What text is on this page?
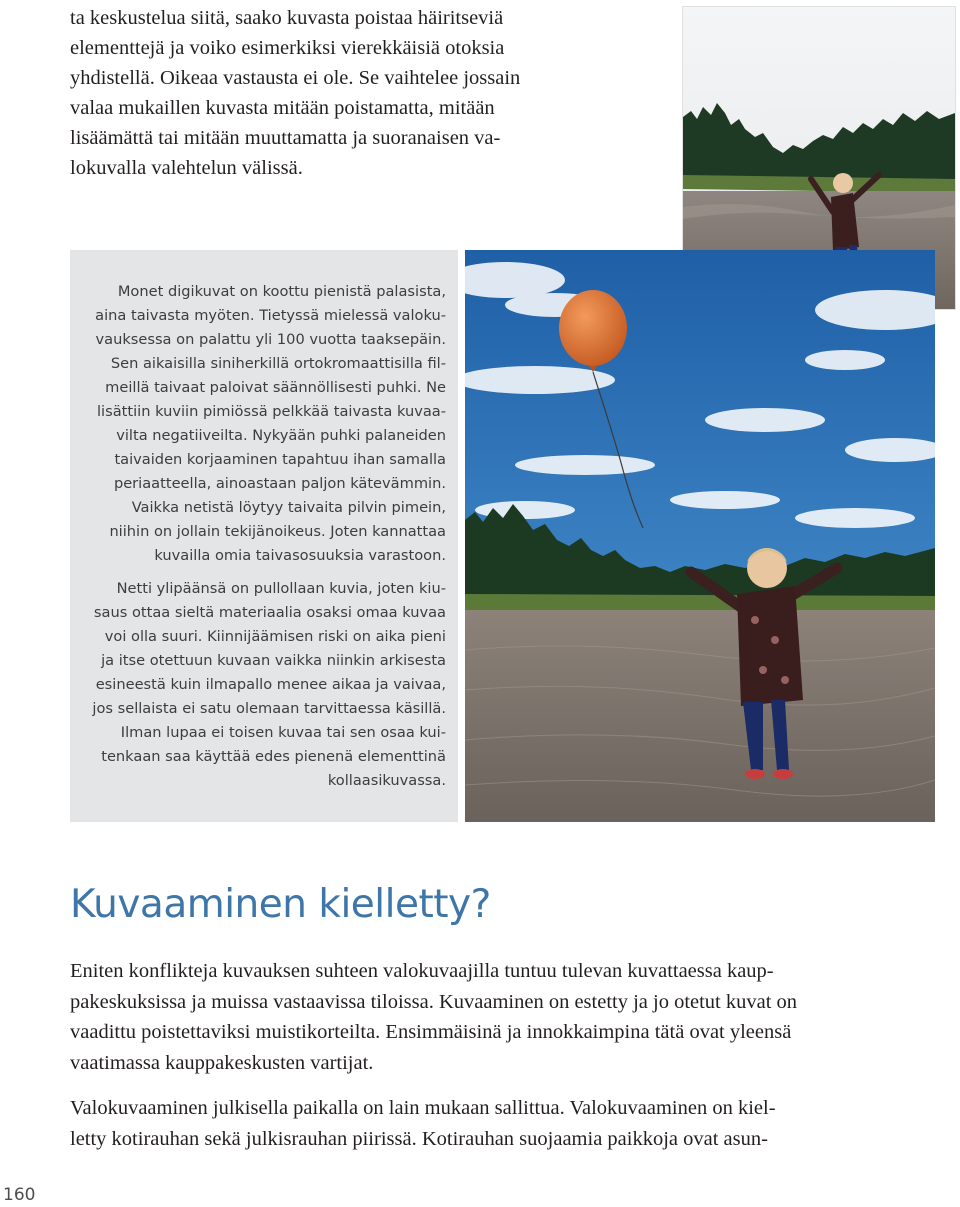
ta keskustelua siitä, saako kuvasta poistaa häiritseviä
elementtejä ja voiko esimerkiksi vierekkäisiä otoksia
yhdistellä. Oikeaa vastausta ei ole. Se vaihtelee jossain
valaa mukaillen kuvasta mitään poistamatta, mitään
lisäämättä tai mitään muuttamatta ja suoranaisen va-
lokuvalla valehtelun välissä.

Monet digikuvat on koottu pienistä palasista,
aina taivasta myöten. Tietyssä mielessä valoku-
vauksessa on palattu yli 100 vuotta taaksepäin.
Sen aikaisilla siniherkillä ortokromaattisilla fil-
meillä taivaat paloivat säännöllisesti puhki. Ne
lisättiin kuviin pimiössä pelkkää taivasta kuvaa-
vilta negatiiveilta. Nykyään puhki palaneiden
taivaiden korjaaminen tapahtuu ihan samalla
periaatteella, ainoastaan paljon kätevämmin.
Vaikka netistä löytyy taivaita pilvin pimein,
niihin on jollain tekijänoikeus. Joten kannattaa
kuvailla omia taivasosuuksia varastoon.

Netti ylipäänsä on pullollaan kuvia, joten kiu-
saus ottaa sieltä materiaalia osaksi omaa kuvaa
voi olla suuri. Kiinnijäämisen riski on aika pieni
ja itse otettuun kuvaan vaikka niinkin arkisesta
esineestä kuin ilmapallo menee aikaa ja vaivaa,
jos sellaista ei satu olemaan tarvittaessa käsillä.
Ilman lupaa ei toisen kuvaa tai sen osaa kui-
tenkaan saa käyttää edes pienenä elementtinä
kollaasikuvassa.

Kuvaaminen kielletty?

Eniten konflikteja kuvauksen suhteen valokuvaajilla tuntuu tulevan kuvattaessa kaup-
pakeskuksissa ja muissa vastaavissa tiloissa. Kuvaaminen on estetty ja jo otetut kuvat on
vaadittu poistettaviksi muistikorteilta. Ensimmäisinä ja innokkaimpina tätä ovat yleensä
vaatimassa kauppakeskusten vartijat.

Valokuvaaminen julkisella paikalla on lain mukaan sallittua. Valokuvaaminen on kiel-
letty kotirauhan sekä julkisrauhan piirissä. Kotirauhan suojaamia paikkoja ovat asun-

160
